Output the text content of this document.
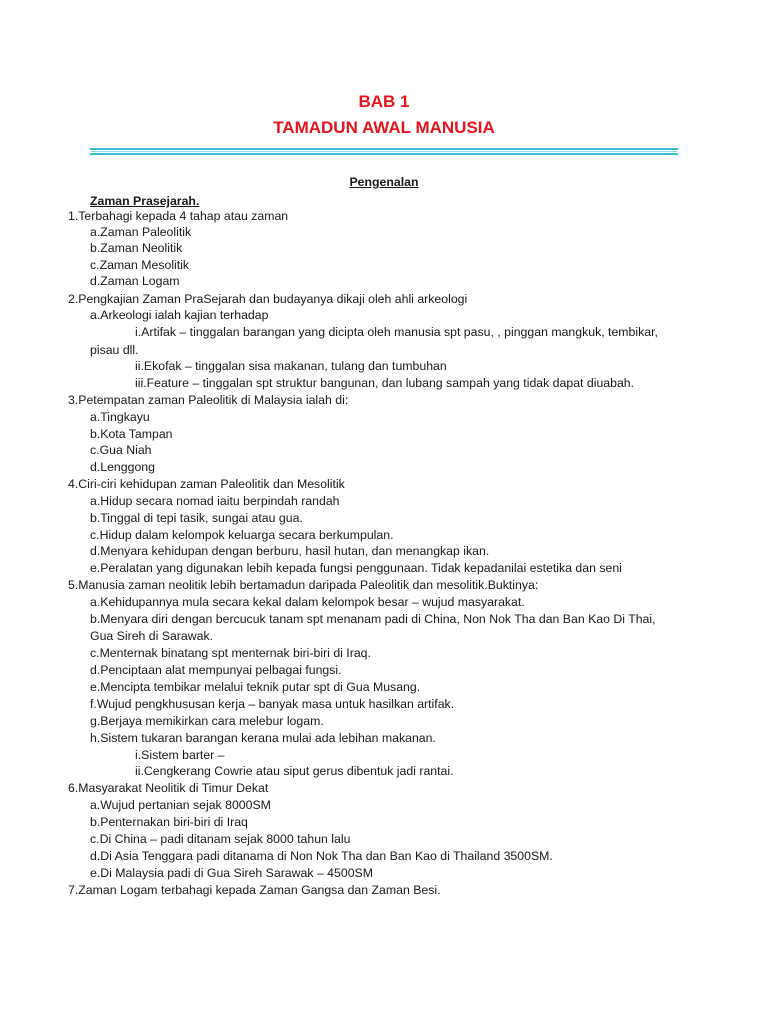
BAB 1
TAMADUN AWAL MANUSIA

Pengenalan

Zaman Prasejarah.

1.Terbahagi kepada 4 tahap atau zaman

a.Zaman Paleolitik

b.Zaman Neolitik

c.Zaman Mesolitik

d.Zaman Logam

2.Pengkajian Zaman PraSejarah dan budayanya dikaji oleh ahli arkeologi

a.Arkeologi ialah kajian terhadap

i.Artifak – tinggalan barangan yang dicipta oleh manusia spt pasu, , pinggan mangkuk, tembikar,

pisau dll.

ii.Ekofak – tinggalan sisa makanan, tulang dan tumbuhan

iii.Feature – tinggalan spt struktur bangunan, dan lubang sampah yang tidak dapat diuabah.

3.Petempatan zaman Paleolitik di Malaysia ialah di:

a.Tingkayu

b.Kota Tampan

c.Gua Niah

d.Lenggong

4.Ciri-ciri kehidupan zaman Paleolitik dan Mesolitik

a.Hidup secara nomad iaitu berpindah randah

b.Tinggal di tepi tasik, sungai atau gua.

c.Hidup dalam kelompok keluarga secara berkumpulan.

d.Menyara kehidupan dengan berburu, hasil hutan, dan menangkap ikan.

e.Peralatan yang digunakan lebih kepada fungsi penggunaan. Tidak kepadanilai estetika dan seni

5.Manusia zaman neolitik lebih bertamadun daripada Paleolitik dan mesolitik.Buktinya:

a.Kehidupannya mula secara kekal dalam kelompok besar – wujud masyarakat.

b.Menyara diri dengan bercucuk tanam spt menanam padi di China, Non Nok Tha dan Ban Kao Di Thai,

Gua Sireh di Sarawak.

c.Menternak binatang spt menternak biri-biri di Iraq.

d.Penciptaan alat mempunyai pelbagai fungsi.

e.Mencipta tembikar melalui teknik putar spt di Gua Musang.

f.Wujud pengkhususan kerja – banyak masa untuk hasilkan artifak.

g.Berjaya memikirkan cara melebur logam.

h.Sistem tukaran barangan kerana mulai ada lebihan makanan.

i.Sistem barter –

ii.Cengkerang Cowrie atau siput gerus dibentuk jadi rantai.

6.Masyarakat Neolitik di Timur Dekat

a.Wujud pertanian sejak 8000SM

b.Penternakan biri-biri di Iraq

c.Di China – padi ditanam sejak 8000 tahun lalu

d.Di Asia Tenggara padi ditanama di Non Nok Tha dan Ban Kao di Thailand 3500SM.

e.Di Malaysia padi di Gua Sireh Sarawak – 4500SM

7.Zaman Logam terbahagi kepada Zaman Gangsa dan Zaman Besi.
